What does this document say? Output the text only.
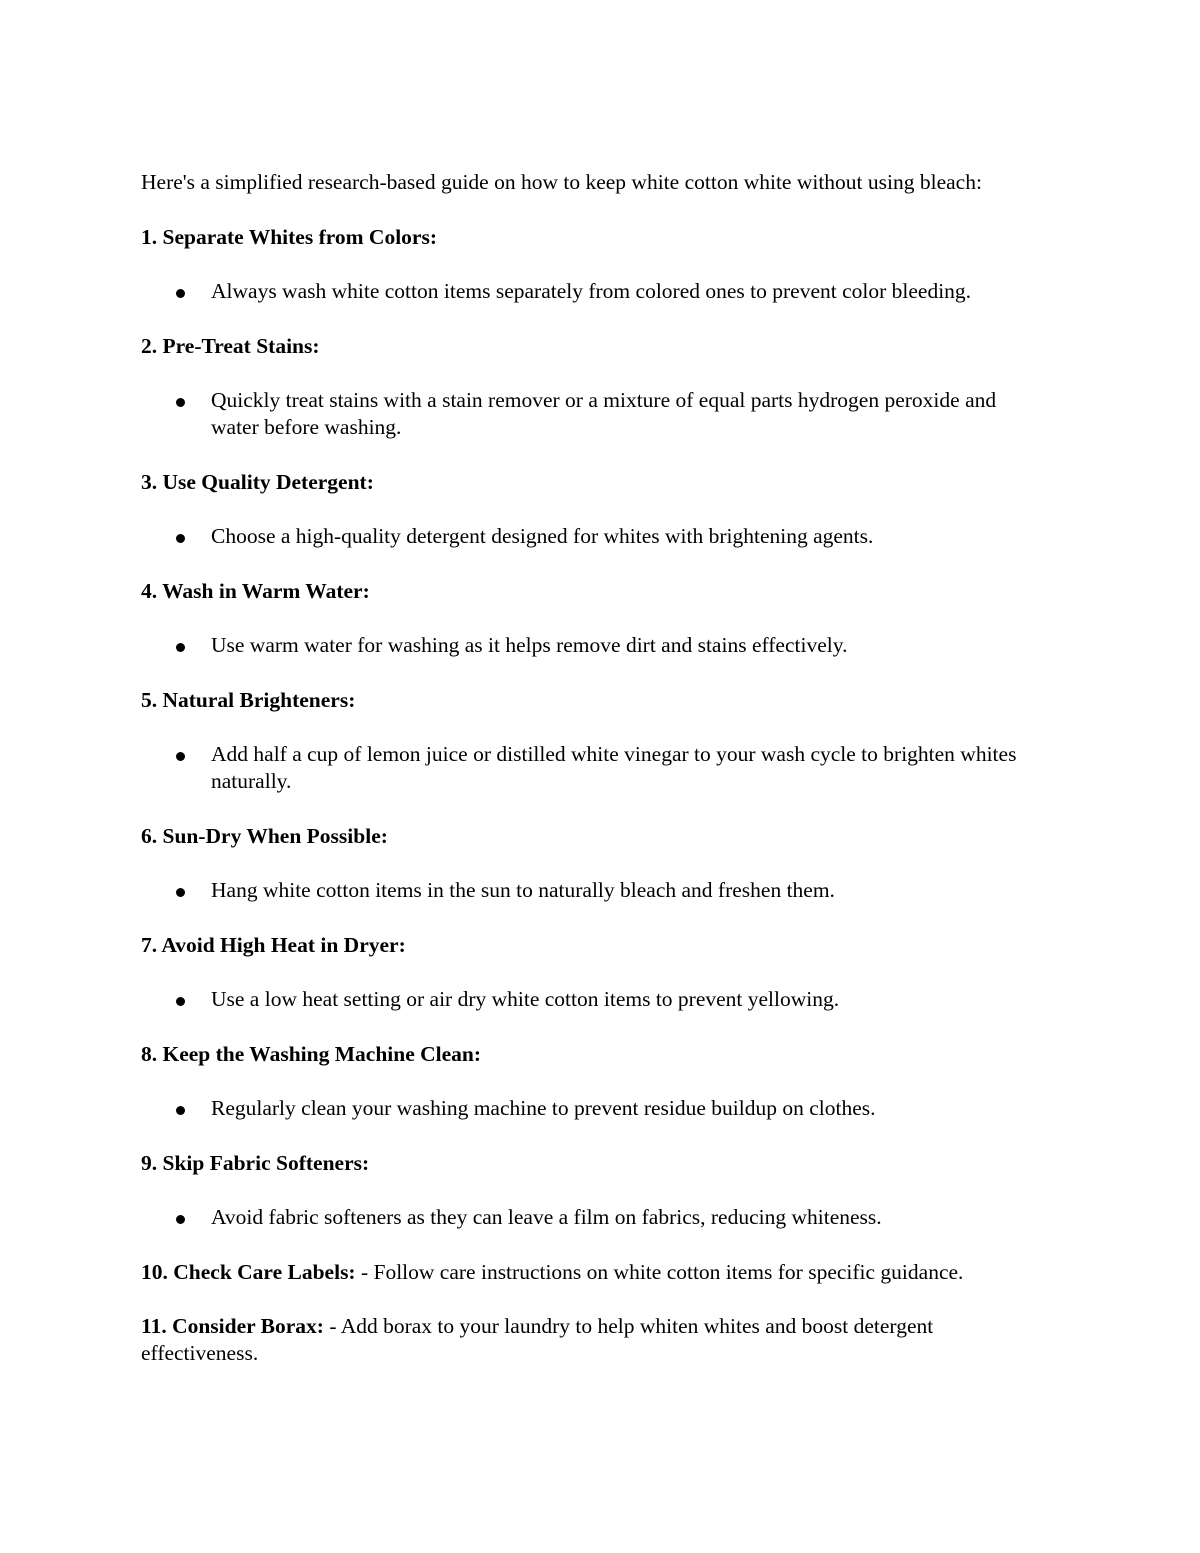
Here's a simplified research-based guide on how to keep white cotton white without using bleach:

1. Separate Whites from Colors:

Always wash white cotton items separately from colored ones to prevent color bleeding.

2. Pre-Treat Stains:

Quickly treat stains with a stain remover or a mixture of equal parts hydrogen peroxide and water before washing.

3. Use Quality Detergent:

Choose a high-quality detergent designed for whites with brightening agents.

4. Wash in Warm Water:

Use warm water for washing as it helps remove dirt and stains effectively.

5. Natural Brighteners:

Add half a cup of lemon juice or distilled white vinegar to your wash cycle to brighten whites naturally.

6. Sun-Dry When Possible:

Hang white cotton items in the sun to naturally bleach and freshen them.

7. Avoid High Heat in Dryer:

Use a low heat setting or air dry white cotton items to prevent yellowing.

8. Keep the Washing Machine Clean:

Regularly clean your washing machine to prevent residue buildup on clothes.

9. Skip Fabric Softeners:

Avoid fabric softeners as they can leave a film on fabrics, reducing whiteness.

10. Check Care Labels: - Follow care instructions on white cotton items for specific guidance.

11. Consider Borax: - Add borax to your laundry to help whiten whites and boost detergent effectiveness.
